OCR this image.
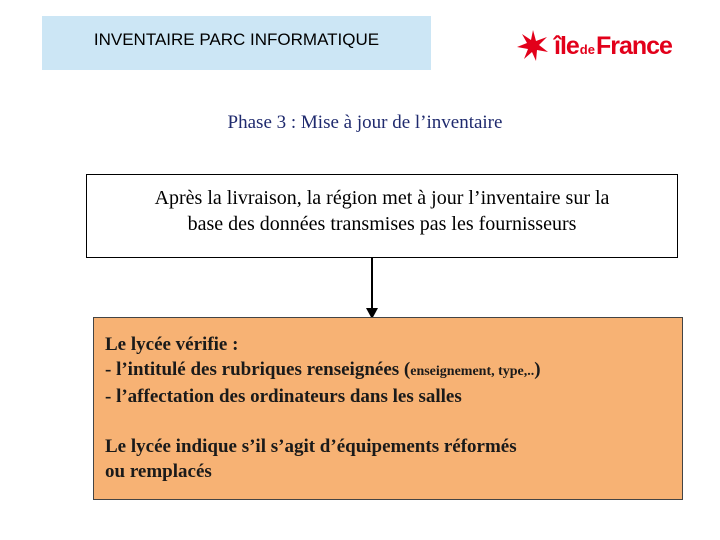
INVENTAIRE PARC INFORMATIQUE	île de France
Phase 3 : Mise à jour de l’inventaire
Après la livraison, la région met à jour l’inventaire sur la
base des données transmises pas les fournisseurs
Le lycée vérifie :
- l’intitulé des rubriques renseignées (enseignement, type,..)
- l’affectation des ordinateurs dans les salles
Le lycée indique s’il s’agit d’équipements réformés
ou remplacés
